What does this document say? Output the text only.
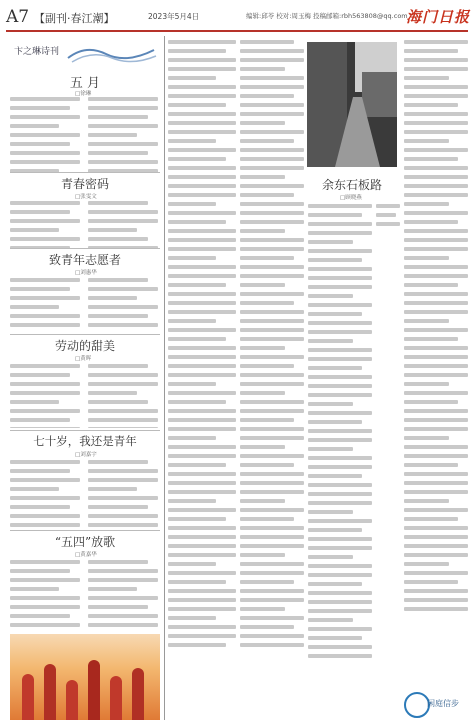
A7 【副刊·春江潮】	2023年5月4日	编辑:邱苓 校对:周玉梅 投稿邮箱:rbh563808@qq.com
海门日报
卞之琳诗刊
五 月
□徐琳
青春密码
□张雯文
致青年志愿者
□刘惠华
劳动的甜美
□黄晖
七十岁，我还是青年
□刘嘉宇
“五四”放歌
□黄嘉华
余东石板路
□顾晓燕
闲庭信步
